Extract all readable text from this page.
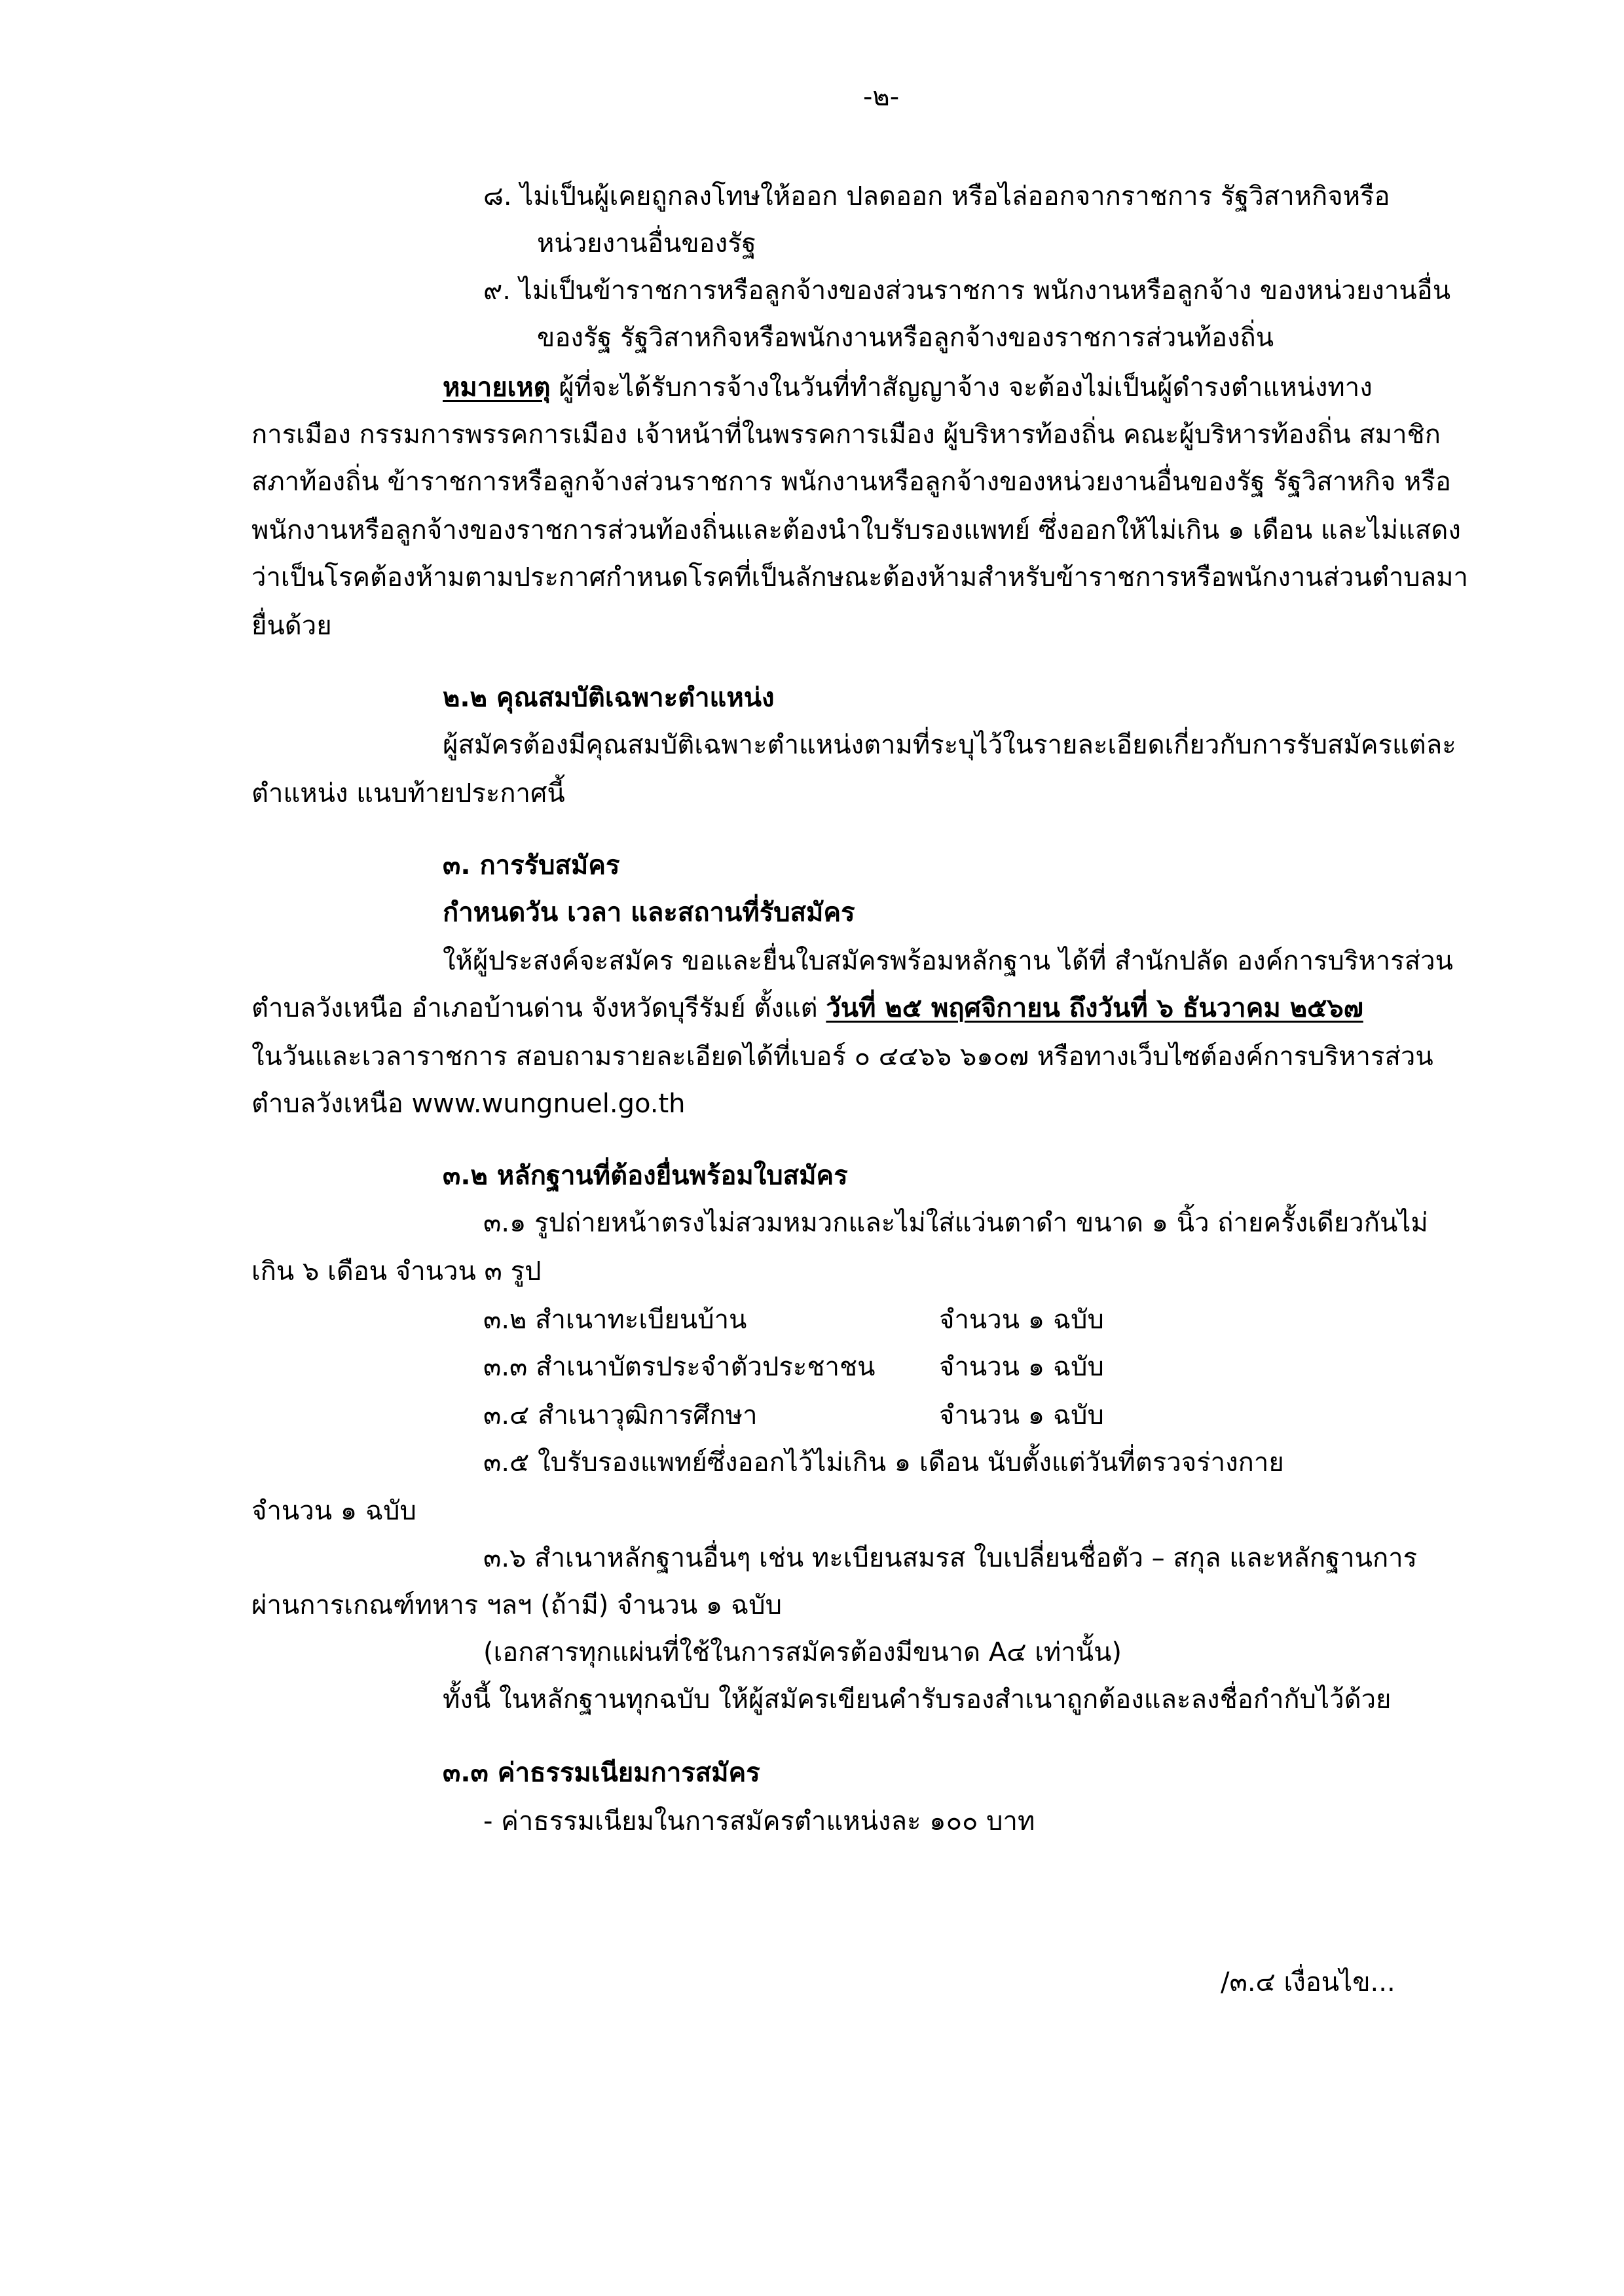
-๒-
๘. ไม่เป็นผู้เคยถูกลงโทษให้ออก ปลดออก หรือไล่ออกจากราชการ รัฐวิสาหกิจหรือ
หน่วยงานอื่นของรัฐ
๙. ไม่เป็นข้าราชการหรือลูกจ้างของส่วนราชการ พนักงานหรือลูกจ้าง ของหน่วยงานอื่น
ของรัฐ รัฐวิสาหกิจหรือพนักงานหรือลูกจ้างของราชการส่วนท้องถิ่น
หมายเหตุ ผู้ที่จะได้รับการจ้างในวันที่ทำสัญญาจ้าง จะต้องไม่เป็นผู้ดำรงตำแหน่งทาง
การเมือง กรรมการพรรคการเมือง เจ้าหน้าที่ในพรรคการเมือง ผู้บริหารท้องถิ่น คณะผู้บริหารท้องถิ่น สมาชิก
สภาท้องถิ่น ข้าราชการหรือลูกจ้างส่วนราชการ พนักงานหรือลูกจ้างของหน่วยงานอื่นของรัฐ รัฐวิสาหกิจ หรือ
พนักงานหรือลูกจ้างของราชการส่วนท้องถิ่นและต้องนำใบรับรองแพทย์ ซึ่งออกให้ไม่เกิน ๑ เดือน และไม่แสดง
ว่าเป็นโรคต้องห้ามตามประกาศกำหนดโรคที่เป็นลักษณะต้องห้ามสำหรับข้าราชการหรือพนักงานส่วนตำบลมา
ยื่นด้วย
๒.๒ คุณสมบัติเฉพาะตำแหน่ง
ผู้สมัครต้องมีคุณสมบัติเฉพาะตำแหน่งตามที่ระบุไว้ในรายละเอียดเกี่ยวกับการรับสมัครแต่ละ
ตำแหน่ง แนบท้ายประกาศนี้
๓. การรับสมัคร
กำหนดวัน เวลา และสถานที่รับสมัคร
ให้ผู้ประสงค์จะสมัคร ขอและยื่นใบสมัครพร้อมหลักฐาน ได้ที่ สำนักปลัด องค์การบริหารส่วน
ตำบลวังเหนือ อำเภอบ้านด่าน จังหวัดบุรีรัมย์ ตั้งแต่ วันที่ ๒๕ พฤศจิกายน ถึงวันที่ ๖ ธันวาคม ๒๕๖๗
ในวันและเวลาราชการ สอบถามรายละเอียดได้ที่เบอร์ ๐ ๔๔๖๖ ๖๑๐๗ หรือทางเว็บไซต์องค์การบริหารส่วน
ตำบลวังเหนือ www.wungnuel.go.th
๓.๒ หลักฐานที่ต้องยื่นพร้อมใบสมัคร
๓.๑ รูปถ่ายหน้าตรงไม่สวมหมวกและไม่ใส่แว่นตาดำ ขนาด ๑ นิ้ว ถ่ายครั้งเดียวกันไม่
เกิน ๖ เดือน จำนวน ๓ รูป
๓.๒ สำเนาทะเบียนบ้าน	จำนวน ๑ ฉบับ
๓.๓ สำเนาบัตรประจำตัวประชาชน จำนวน ๑ ฉบับ
๓.๔ สำเนาวุฒิการศึกษา	จำนวน ๑ ฉบับ
๓.๕ ใบรับรองแพทย์ซึ่งออกไว้ไม่เกิน ๑ เดือน นับตั้งแต่วันที่ตรวจร่างกาย
จำนวน ๑ ฉบับ
๓.๖ สำเนาหลักฐานอื่นๆ เช่น ทะเบียนสมรส ใบเปลี่ยนชื่อตัว – สกุล และหลักฐานการ
ผ่านการเกณฑ์ทหาร ฯลฯ (ถ้ามี) จำนวน ๑ ฉบับ
(เอกสารทุกแผ่นที่ใช้ในการสมัครต้องมีขนาด A๔ เท่านั้น)
ทั้งนี้ ในหลักฐานทุกฉบับ ให้ผู้สมัครเขียนคำรับรองสำเนาถูกต้องและลงชื่อกำกับไว้ด้วย
๓.๓ ค่าธรรมเนียมการสมัคร
- ค่าธรรมเนียมในการสมัครตำแหน่งละ ๑๐๐ บาท
/๓.๔ เงื่อนไข...
